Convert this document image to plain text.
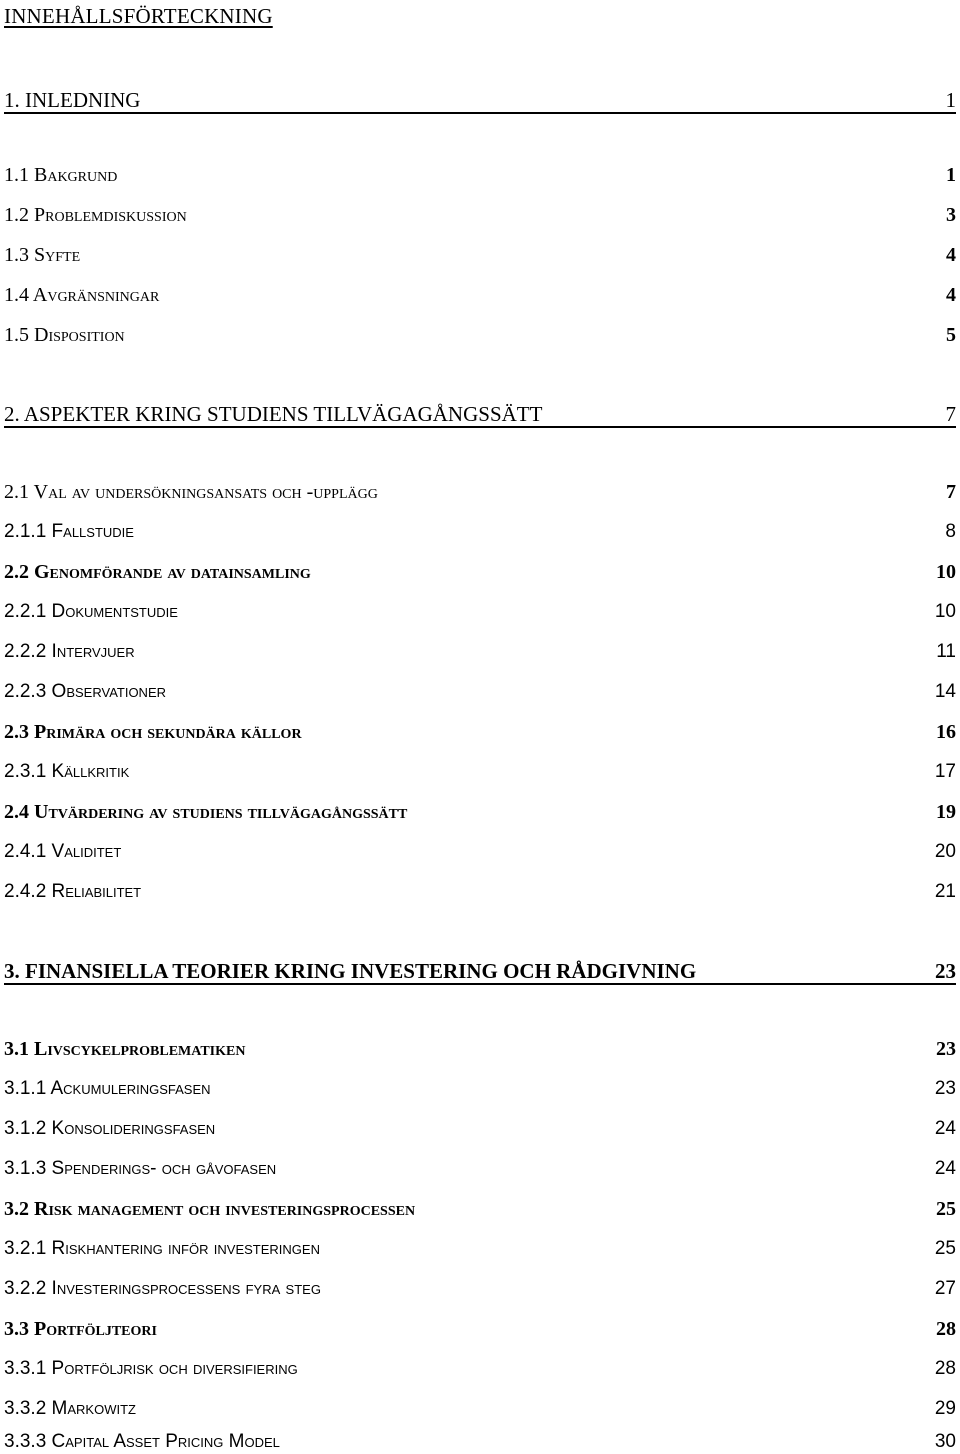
INNEHÅLLSFÖRTECKNING
1. INLEDNING	1
1.1 Bakgrund	1
1.2 Problemdiskussion	3
1.3 Syfte	4
1.4 Avgränsningar	4
1.5 Disposition	5
2. ASPEKTER KRING STUDIENS TILLVÄGAGÅNGSSÄTT	7
2.1 Val av undersökningsansats och -upplägg	7
2.1.1 Fallstudie	8
2.2 Genomförande av datainsamling	10
2.2.1 Dokumentstudie	10
2.2.2 Intervjuer	11
2.2.3 Observationer	14
2.3 Primära och sekundära källor	16
2.3.1 Källkritik	17
2.4 Utvärdering av studiens tillvägagångssätt	19
2.4.1 Validitet	20
2.4.2 Reliabilitet	21
3. FINANSIELLA TEORIER KRING INVESTERING OCH RÅDGIVNING	23
3.1 Livscykelproblematiken	23
3.1.1 Ackumuleringsfasen	23
3.1.2 Konsolideringsfasen	24
3.1.3 Spenderings- och gåvofasen	24
3.2 Risk management och investeringsprocessen	25
3.2.1 Riskhantering inför investeringen	25
3.2.2 Investeringsprocessens fyra steg	27
3.3 Portföljteori	28
3.3.1 Portföljrisk och diversifiering	28
3.3.2 Markowitz	29
3.3.3 Capital Asset Pricing Model	30
